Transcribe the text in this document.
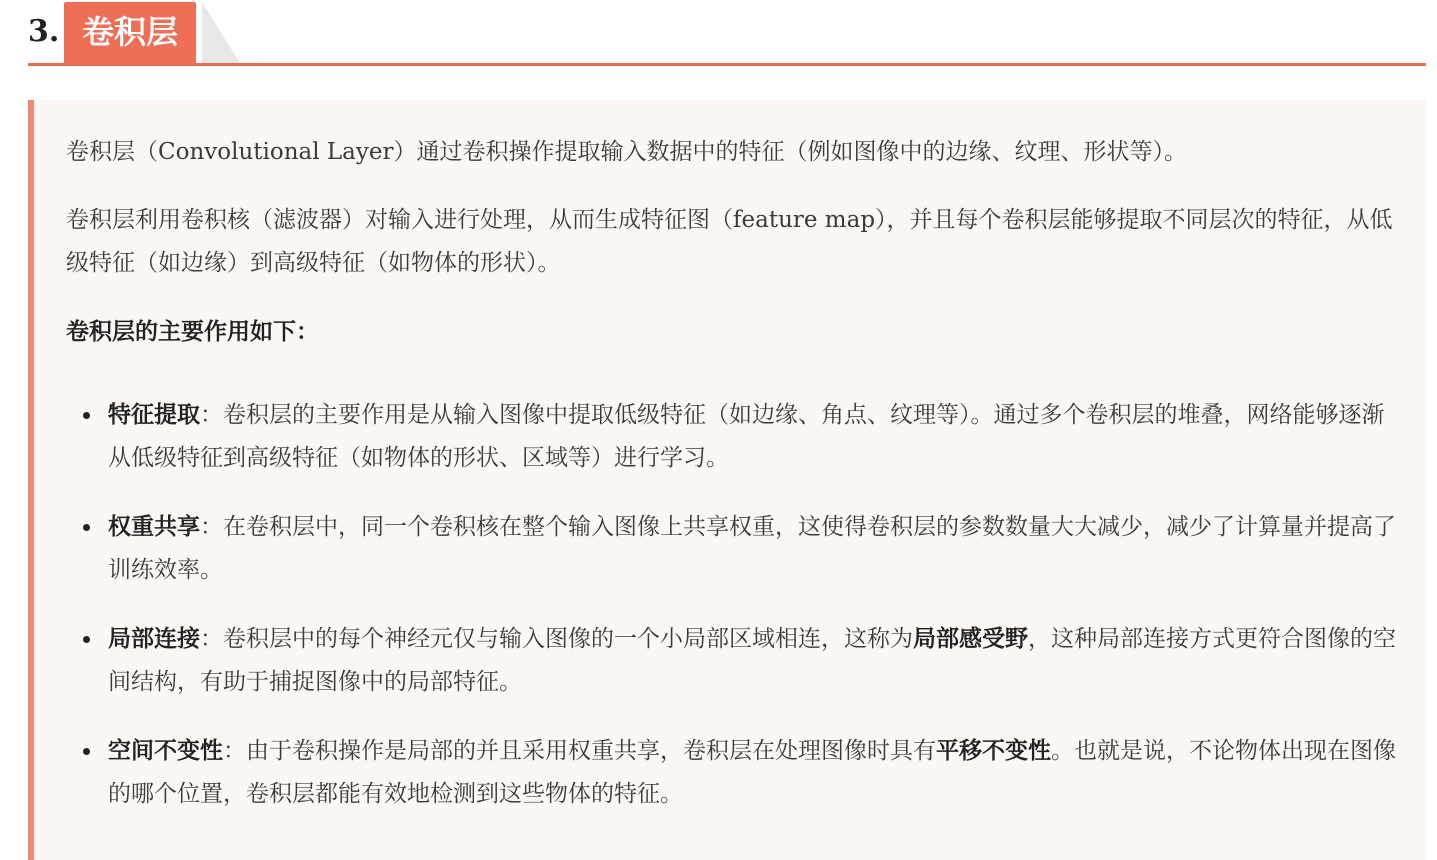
3. 卷积层

卷积层（Convolutional Layer）通过卷积操作提取输入数据中的特征（例如图像中的边缘、纹理、形状等）。

卷积层利用卷积核（滤波器）对输入进行处理，从而生成特征图（feature map），并且每个卷积层能够提取不同层次的特征，从低级特征（如边缘）到高级特征（如物体的形状）。

卷积层的主要作用如下：
特征提取：卷积层的主要作用是从输入图像中提取低级特征（如边缘、角点、纹理等）。通过多个卷积层的堆叠，网络能够逐渐从低级特征到高级特征（如物体的形状、区域等）进行学习。
权重共享：在卷积层中，同一个卷积核在整个输入图像上共享权重，这使得卷积层的参数数量大大减少，减少了计算量并提高了训练效率。
局部连接：卷积层中的每个神经元仅与输入图像的一个小局部区域相连，这称为局部感受野，这种局部连接方式更符合图像的空间结构，有助于捕捉图像中的局部特征。
空间不变性：由于卷积操作是局部的并且采用权重共享，卷积层在处理图像时具有平移不变性。也就是说，不论物体出现在图像的哪个位置，卷积层都能有效地检测到这些物体的特征。
